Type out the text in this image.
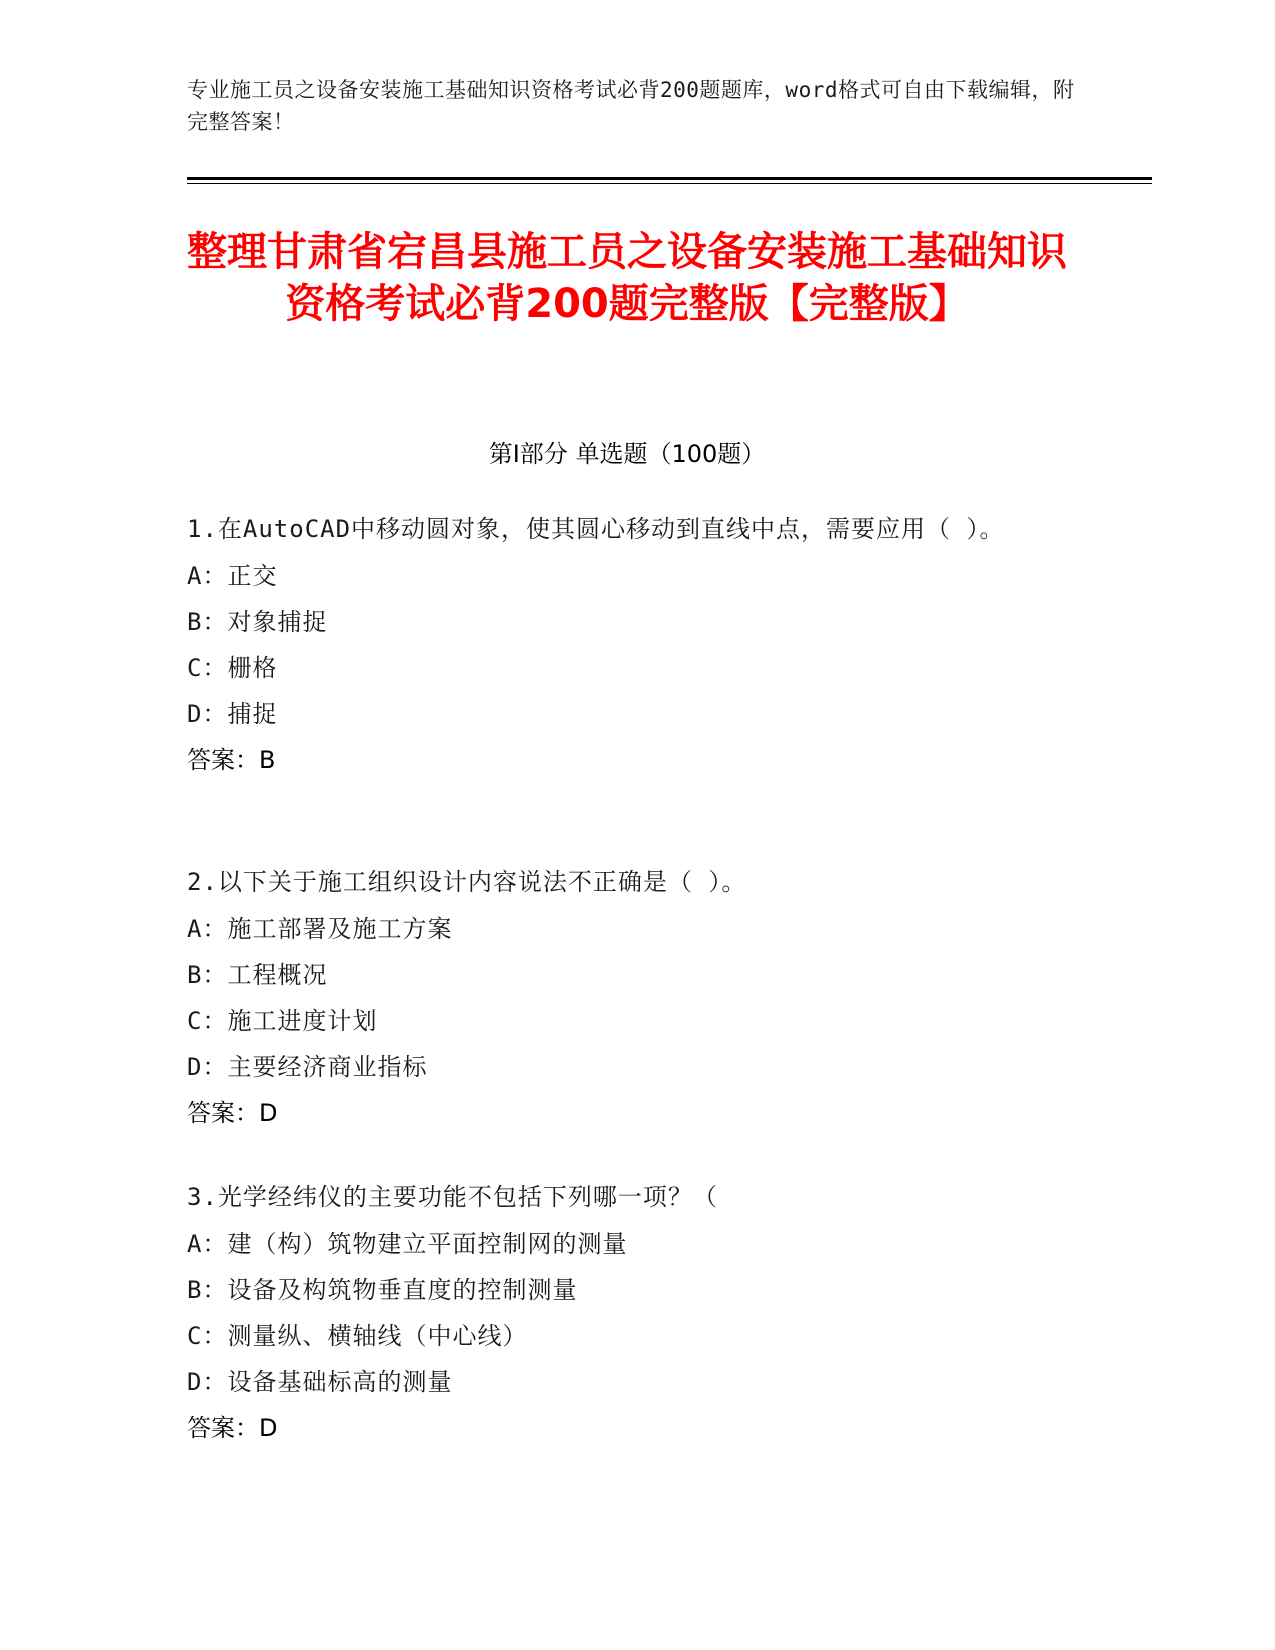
专业施工员之设备安装施工基础知识资格考试必背200题题库，word格式可自由下载编辑，附完整答案！
整理甘肃省宕昌县施工员之设备安装施工基础知识资格考试必背200题完整版【完整版】
第Ⅰ部分 单选题（100题）
1.在AutoCAD中移动圆对象，使其圆心移动到直线中点，需要应用（ ）。
A：正交
B：对象捕捉
C：栅格
D：捕捉
答案：B
2.以下关于施工组织设计内容说法不正确是（ ）。
A：施工部署及施工方案
B：工程概况
C：施工进度计划
D：主要经济商业指标
答案：D
3.光学经纬仪的主要功能不包括下列哪一项？（
A：建（构）筑物建立平面控制网的测量
B：设备及构筑物垂直度的控制测量
C：测量纵、横轴线（中心线）
D：设备基础标高的测量
答案：D
